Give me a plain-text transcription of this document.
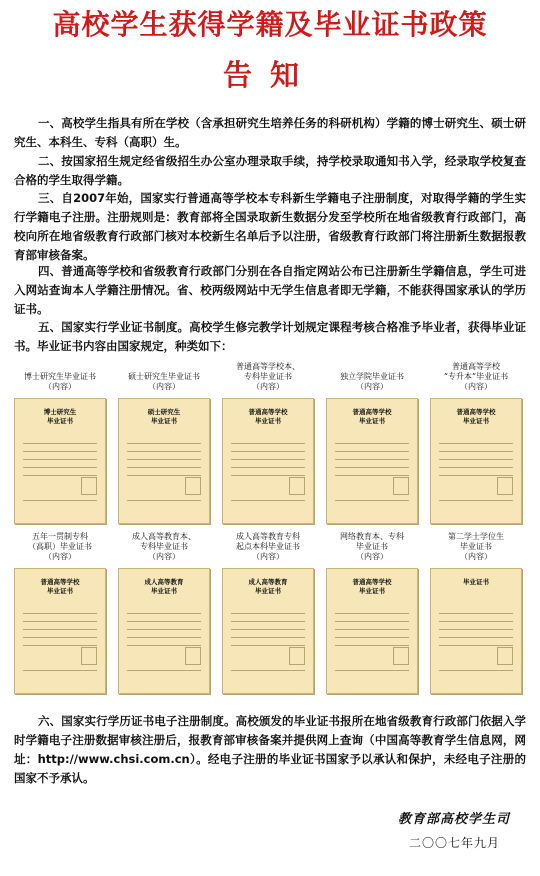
高校学生获得学籍及毕业证书政策
告知
一、高校学生指具有所在学校（含承担研究生培养任务的科研机构）学籍的博士研究生、硕士研究生、本科生、专科（高职）生。
二、按国家招生规定经省级招生办公室办理录取手续，持学校录取通知书入学，经录取学校复查合格的学生取得学籍。
三、自2007年始，国家实行普通高等学校本专科新生学籍电子注册制度，对取得学籍的学生实行学籍电子注册。注册规则是：教育部将全国录取新生数据分发至学校所在地省级教育行政部门，高校向所在地省级教育行政部门核对本校新生名单后予以注册，省级教育行政部门将注册新生数据报教育部审核备案。
四、普通高等学校和省级教育行政部门分别在各自指定网站公布已注册新生学籍信息，学生可进入网站查询本人学籍注册情况。省、校两级网站中无学生信息者即无学籍，不能获得国家承认的学历证书。
五、国家实行学业证书制度。高校学生修完教学计划规定课程考核合格准予毕业者，获得毕业证书。毕业证书内容由国家规定，种类如下：
博士研究生毕业证书
（内容）
博士研究生
毕业证书
硕士研究生毕业证书
（内容）
硕士研究生
毕业证书
普通高等学校本、
专科毕业证书
（内容）
普通高等学校
毕业证书
独立学院毕业证书
（内容）
普通高等学校
毕业证书
普通高等学校
“专升本”毕业证书
（内容）
普通高等学校
毕业证书
五年一贯制专科
（高职）毕业证书
（内容）
普通高等学校
毕业证书
成人高等教育本、
专科毕业证书
（内容）
成人高等教育
毕业证书
成人高等教育专科
起点本科毕业证书
（内容）
成人高等教育
毕业证书
网络教育本、专科
毕业证书
（内容）
普通高等学校
毕业证书
第二学士学位生
毕业证书
（内容）
毕业证书
六、国家实行学历证书电子注册制度。高校颁发的毕业证书报所在地省级教育行政部门依据入学时学籍电子注册数据审核注册后，报教育部审核备案并提供网上查询（中国高等教育学生信息网，网址：http://www.chsi.com.cn）。经电子注册的毕业证书国家予以承认和保护，未经电子注册的国家不予承认。
教育部高校学生司
二〇〇七年九月
